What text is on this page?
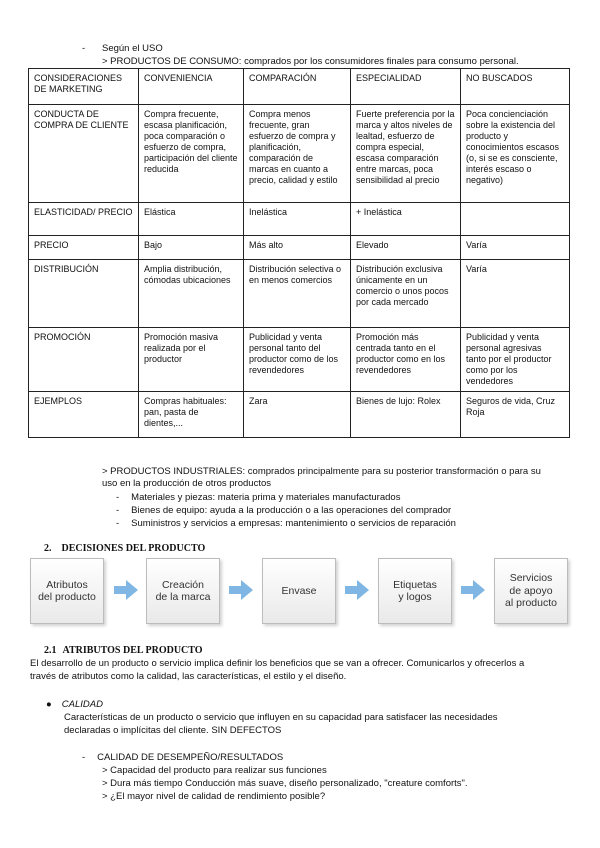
- Según el USO
> PRODUCTOS DE CONSUMO: comprados por los consumidores finales para consumo personal.
CONSIDERACIONES DE MARKETING	CONVENIENCIA	COMPARACIÓN	ESPECIALIDAD	NO BUSCADOS
CONDUCTA DE COMPRA DE CLIENTE	Compra frecuente, escasa planificación, poca comparación o esfuerzo de compra, participación del cliente reducida	Compra menos frecuente, gran esfuerzo de compra y planificación, comparación de marcas en cuanto a precio, calidad y estilo	Fuerte preferencia por la marca y altos niveles de lealtad, esfuerzo de compra especial, escasa comparación entre marcas, poca sensibilidad al precio	Poca concienciación sobre la existencia del producto y conocimientos escasos (o, si se es consciente, interés escaso o negativo)
ELASTICIDAD/ PRECIO	Elástica	Inelástica	+ Inelástica	
PRECIO	Bajo	Más alto	Elevado	Varía
DISTRIBUCIÓN	Amplia distribución, cómodas ubicaciones	Distribución selectiva o en menos comercios	Distribución exclusiva únicamente en un comercio o unos pocos por cada mercado	Varía
PROMOCIÓN	Promoción masiva realizada por el productor	Publicidad y venta personal tanto del productor como de los revendedores	Promoción más centrada tanto en el productor como en los revendedores	Publicidad y venta personal agresivas tanto por el productor como por los vendedores
EJEMPLOS	Compras habituales: pan, pasta de dientes,...	Zara	Bienes de lujo: Rolex	Seguros de vida, Cruz Roja
> PRODUCTOS INDUSTRIALES: comprados principalmente para su posterior transformación o para su
uso en la producción de otros productos
- Materiales y piezas: materia prima y materiales manufacturados
- Bienes de equipo: ayuda a la producción o a las operaciones del comprador
- Suministros y servicios a empresas: mantenimiento o servicios de reparación
2. DECISIONES DEL PRODUCTO
Atributos
del producto
Creación
de la marca
Envase
Etiquetas
y logos
Servicios
de apoyo
al producto
2.1 ATRIBUTOS DEL PRODUCTO
El desarrollo de un producto o servicio implica definir los beneficios que se van a ofrecer. Comunicarlos y ofrecerlos a
través de atributos como la calidad, las características, el estilo y el diseño.
● CALIDAD
Características de un producto o servicio que influyen en su capacidad para satisfacer las necesidades
declaradas o implícitas del cliente. SIN DEFECTOS
- CALIDAD DE DESEMPEÑO/RESULTADOS
> Capacidad del producto para realizar sus funciones
> Dura más tiempo Conducción más suave, diseño personalizado, "creature comforts".
> ¿El mayor nivel de calidad de rendimiento posible?
